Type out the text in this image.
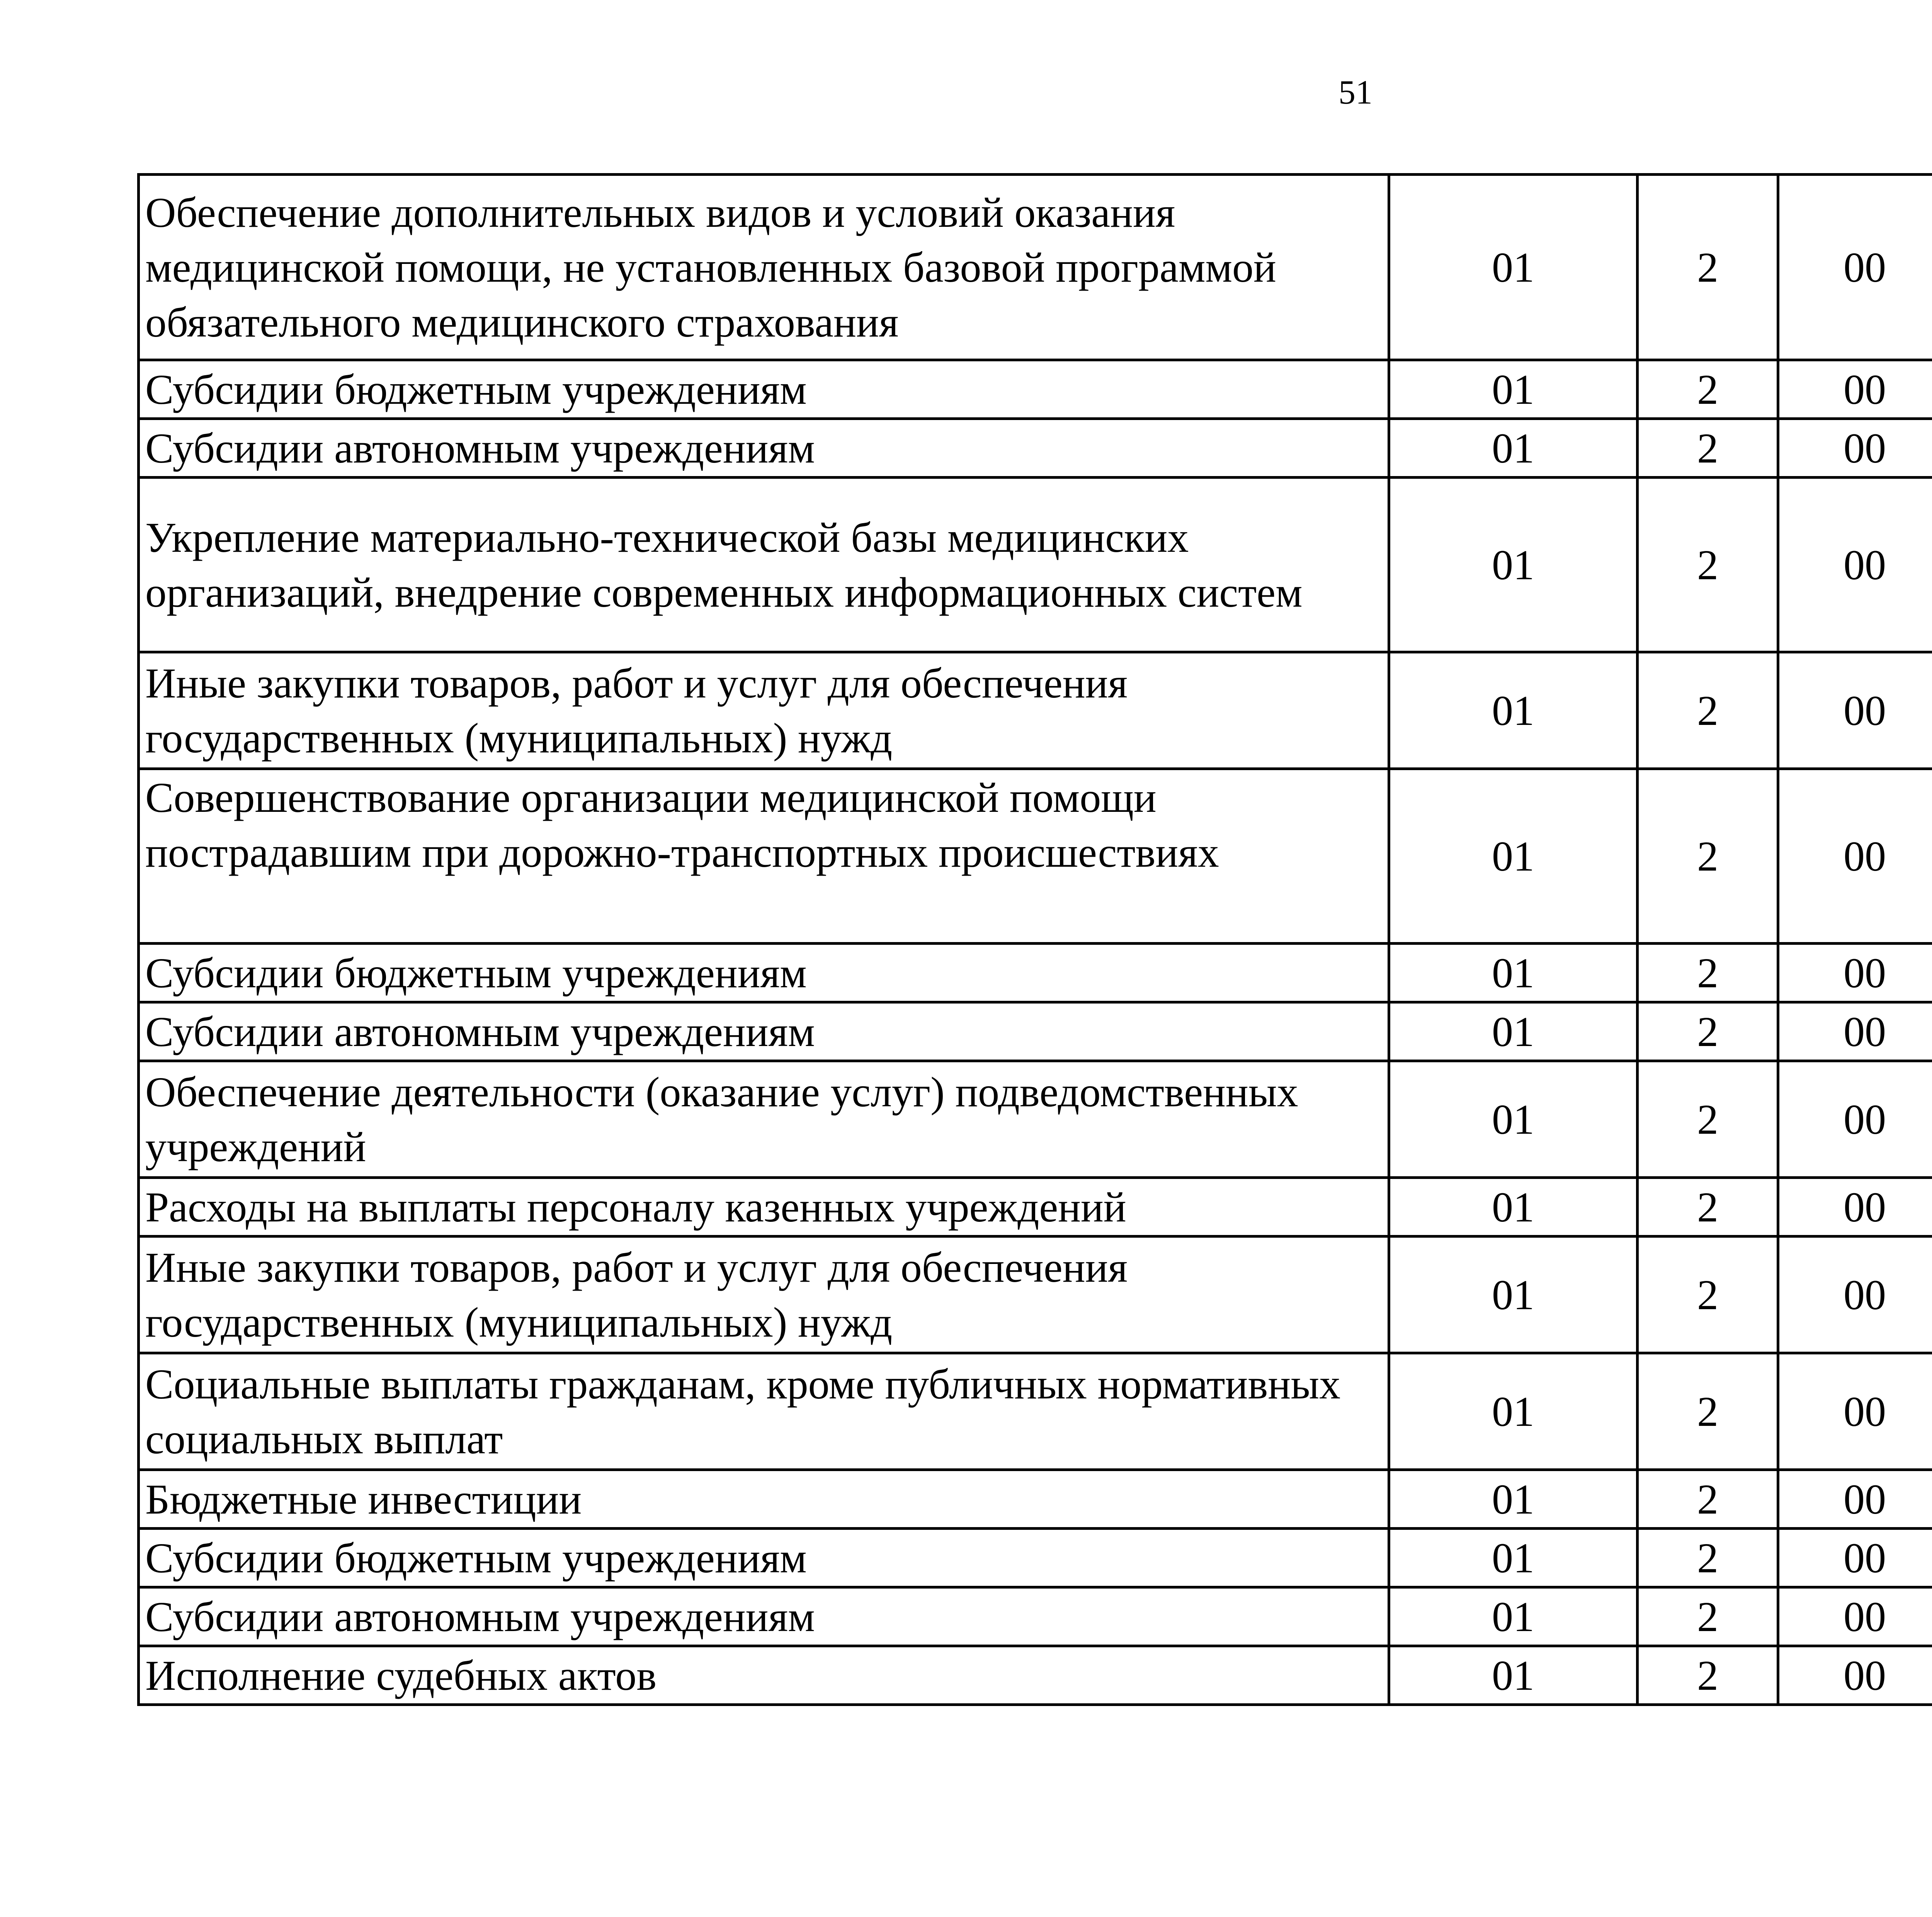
51
Обеспечение дополнительных видов и условий оказания медицинской помощи, не установленных базовой программой обязательного медицинского страхования	01	2	00			
Субсидии бюджетным учреждениям	01	2	00			
Субсидии автономным учреждениям	01	2	00			
Укрепление материально-технической базы медицинских организаций, внедрение современных информационных систем	01	2	00			
Иные закупки товаров, работ и услуг для обеспечения государственных (муниципальных) нужд	01	2	00			
Совершенствование организации медицинской помощи пострадавшим при дорожно-транспортных происшествиях	01	2	00			
Субсидии бюджетным учреждениям	01	2	00			
Субсидии автономным учреждениям	01	2	00			
Обеспечение деятельности (оказание услуг) подведомственных учреждений	01	2	00			
Расходы на выплаты персоналу казенных учреждений	01	2	00			
Иные закупки товаров, работ и услуг для обеспечения государственных (муниципальных) нужд	01	2	00			
Социальные выплаты гражданам, кроме публичных нормативных социальных выплат	01	2	00			
Бюджетные инвестиции	01	2	00			
Субсидии бюджетным учреждениям	01	2	00			
Субсидии автономным учреждениям	01	2	00			
Исполнение судебных актов	01	2	00			
